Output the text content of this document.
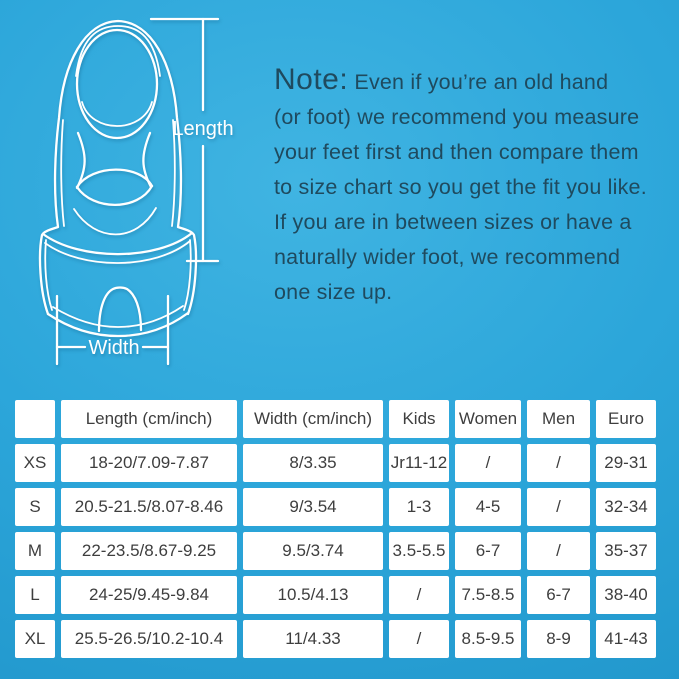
Length
Width
Note: Even if you’re an old hand
(or foot) we recommend you measure
your feet first and then compare them
to size chart so you get the fit you like.
If you are in between sizes or have a
naturally wider foot, we recommend
one size up.
	Length (cm/inch)	Width (cm/inch)	Kids	Women	Men	Euro
XS	18-20/7.09-7.87	8/3.35	Jr11-12	/	/	29-31
S	20.5-21.5/8.07-8.46	9/3.54	1-3	4-5	/	32-34
M	22-23.5/8.67-9.25	9.5/3.74	3.5-5.5	6-7	/	35-37
L	24-25/9.45-9.84	10.5/4.13	/	7.5-8.5	6-7	38-40
XL	25.5-26.5/10.2-10.4	11/4.33	/	8.5-9.5	8-9	41-43
